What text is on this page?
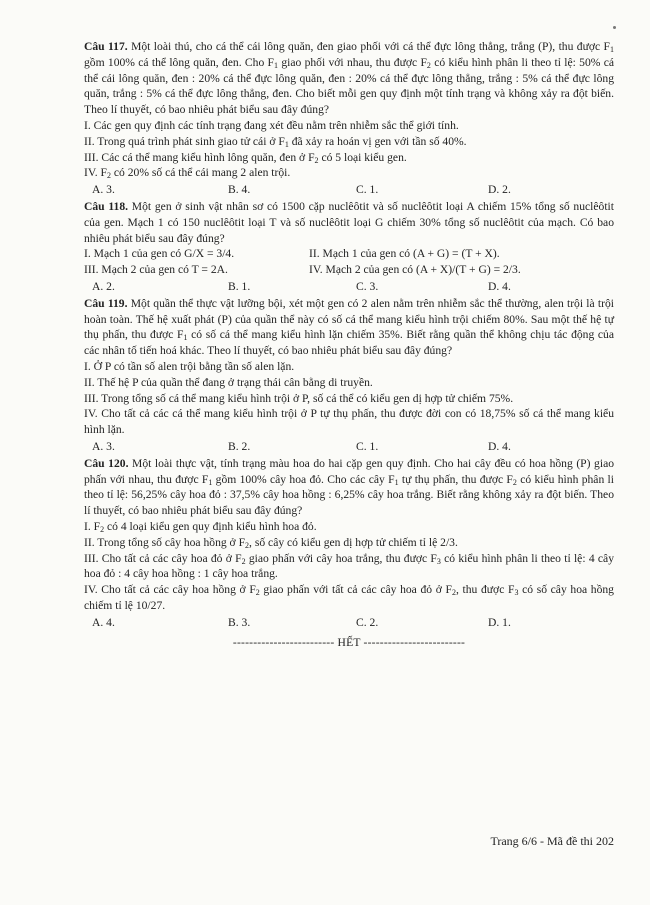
Câu 117. Một loài thú, cho cá thể cái lông quăn, đen giao phối với cá thể đực lông thẳng, trắng (P), thu được $F_1$ gồm 100% cá thể lông quăn, đen. Cho $F_1$ giao phối với nhau, thu được $F_2$ có kiểu hình phân li theo tỉ lệ: 50% cá thể cái lông quăn, đen : 20% cá thể đực lông quăn, đen : 20% cá thể đực lông thẳng, trắng : 5% cá thể đực lông quăn, trắng : 5% cá thể đực lông thẳng, đen. Cho biết mỗi gen quy định một tính trạng và không xảy ra đột biến. Theo lí thuyết, có bao nhiêu phát biểu sau đây đúng?

I. Các gen quy định các tính trạng đang xét đều nằm trên nhiễm sắc thể giới tính.

II. Trong quá trình phát sinh giao tử cái ở $F_1$ đã xảy ra hoán vị gen với tần số 40%.

III. Các cá thể mang kiểu hình lông quăn, đen ở $F_2$ có 5 loại kiểu gen.

IV. $F_2$ có 20% số cá thể cái mang 2 alen trội.

A. 3.	B. 4.	C. 1.	D. 2.

Câu 118. Một gen ở sinh vật nhân sơ có 1500 cặp nuclêôtit và số nuclêôtit loại A chiếm 15% tổng số nuclêôtit của gen. Mạch 1 có 150 nuclêôtit loại T và số nuclêôtit loại G chiếm 30% tổng số nuclêôtit của mạch. Có bao nhiêu phát biểu sau đây đúng?

I. Mạch 1 của gen có G/X = 3/4.	II. Mạch 1 của gen có (A + G) = (T + X).
III. Mạch 2 của gen có T = 2A.	IV. Mạch 2 của gen có (A + X)/(T + G) = 2/3.
A. 2.	B. 1.	C. 3.	D. 4.

Câu 119. Một quần thể thực vật lưỡng bội, xét một gen có 2 alen nằm trên nhiễm sắc thể thường, alen trội là trội hoàn toàn. Thế hệ xuất phát (P) của quần thể này có số cá thể mang kiểu hình trội chiếm 80%. Sau một thế hệ tự thụ phấn, thu được $F_1$ có số cá thể mang kiểu hình lặn chiếm 35%. Biết rằng quần thể không chịu tác động của các nhân tố tiến hoá khác. Theo lí thuyết, có bao nhiêu phát biểu sau đây đúng?

I. Ở P có tần số alen trội bằng tần số alen lặn.

II. Thế hệ P của quần thể đang ở trạng thái cân bằng di truyền.

III. Trong tổng số cá thể mang kiểu hình trội ở P, số cá thể có kiểu gen dị hợp tử chiếm 75%.

IV. Cho tất cả các cá thể mang kiểu hình trội ở P tự thụ phấn, thu được đời con có 18,75% số cá thể mang kiểu hình lặn.

A. 3.	B. 2.	C. 1.	D. 4.

Câu 120. Một loài thực vật, tính trạng màu hoa do hai cặp gen quy định. Cho hai cây đều có hoa hồng (P) giao phấn với nhau, thu được $F_1$ gồm 100% cây hoa đỏ. Cho các cây $F_1$ tự thụ phấn, thu được $F_2$ có kiểu hình phân li theo tỉ lệ: 56,25% cây hoa đỏ : 37,5% cây hoa hồng : 6,25% cây hoa trắng. Biết rằng không xảy ra đột biến. Theo lí thuyết, có bao nhiêu phát biểu sau đây đúng?

I. $F_2$ có 4 loại kiểu gen quy định kiểu hình hoa đỏ.

II. Trong tổng số cây hoa hồng ở $F_2$, số cây có kiểu gen dị hợp tử chiếm tỉ lệ 2/3.

III. Cho tất cả các cây hoa đỏ ở $F_2$ giao phấn với cây hoa trắng, thu được $F_3$ có kiểu hình phân li theo tỉ lệ: 4 cây hoa đỏ : 4 cây hoa hồng : 1 cây hoa trắng.

IV. Cho tất cả các cây hoa hồng ở $F_2$ giao phấn với tất cả các cây hoa đỏ ở $F_2$, thu được $F_3$ có số cây hoa hồng chiếm tỉ lệ 10/27.

A. 4.	B. 3.	C. 2.	D. 1.
------------------------- HẾT -------------------------
Trang 6/6 - Mã đề thi 202
